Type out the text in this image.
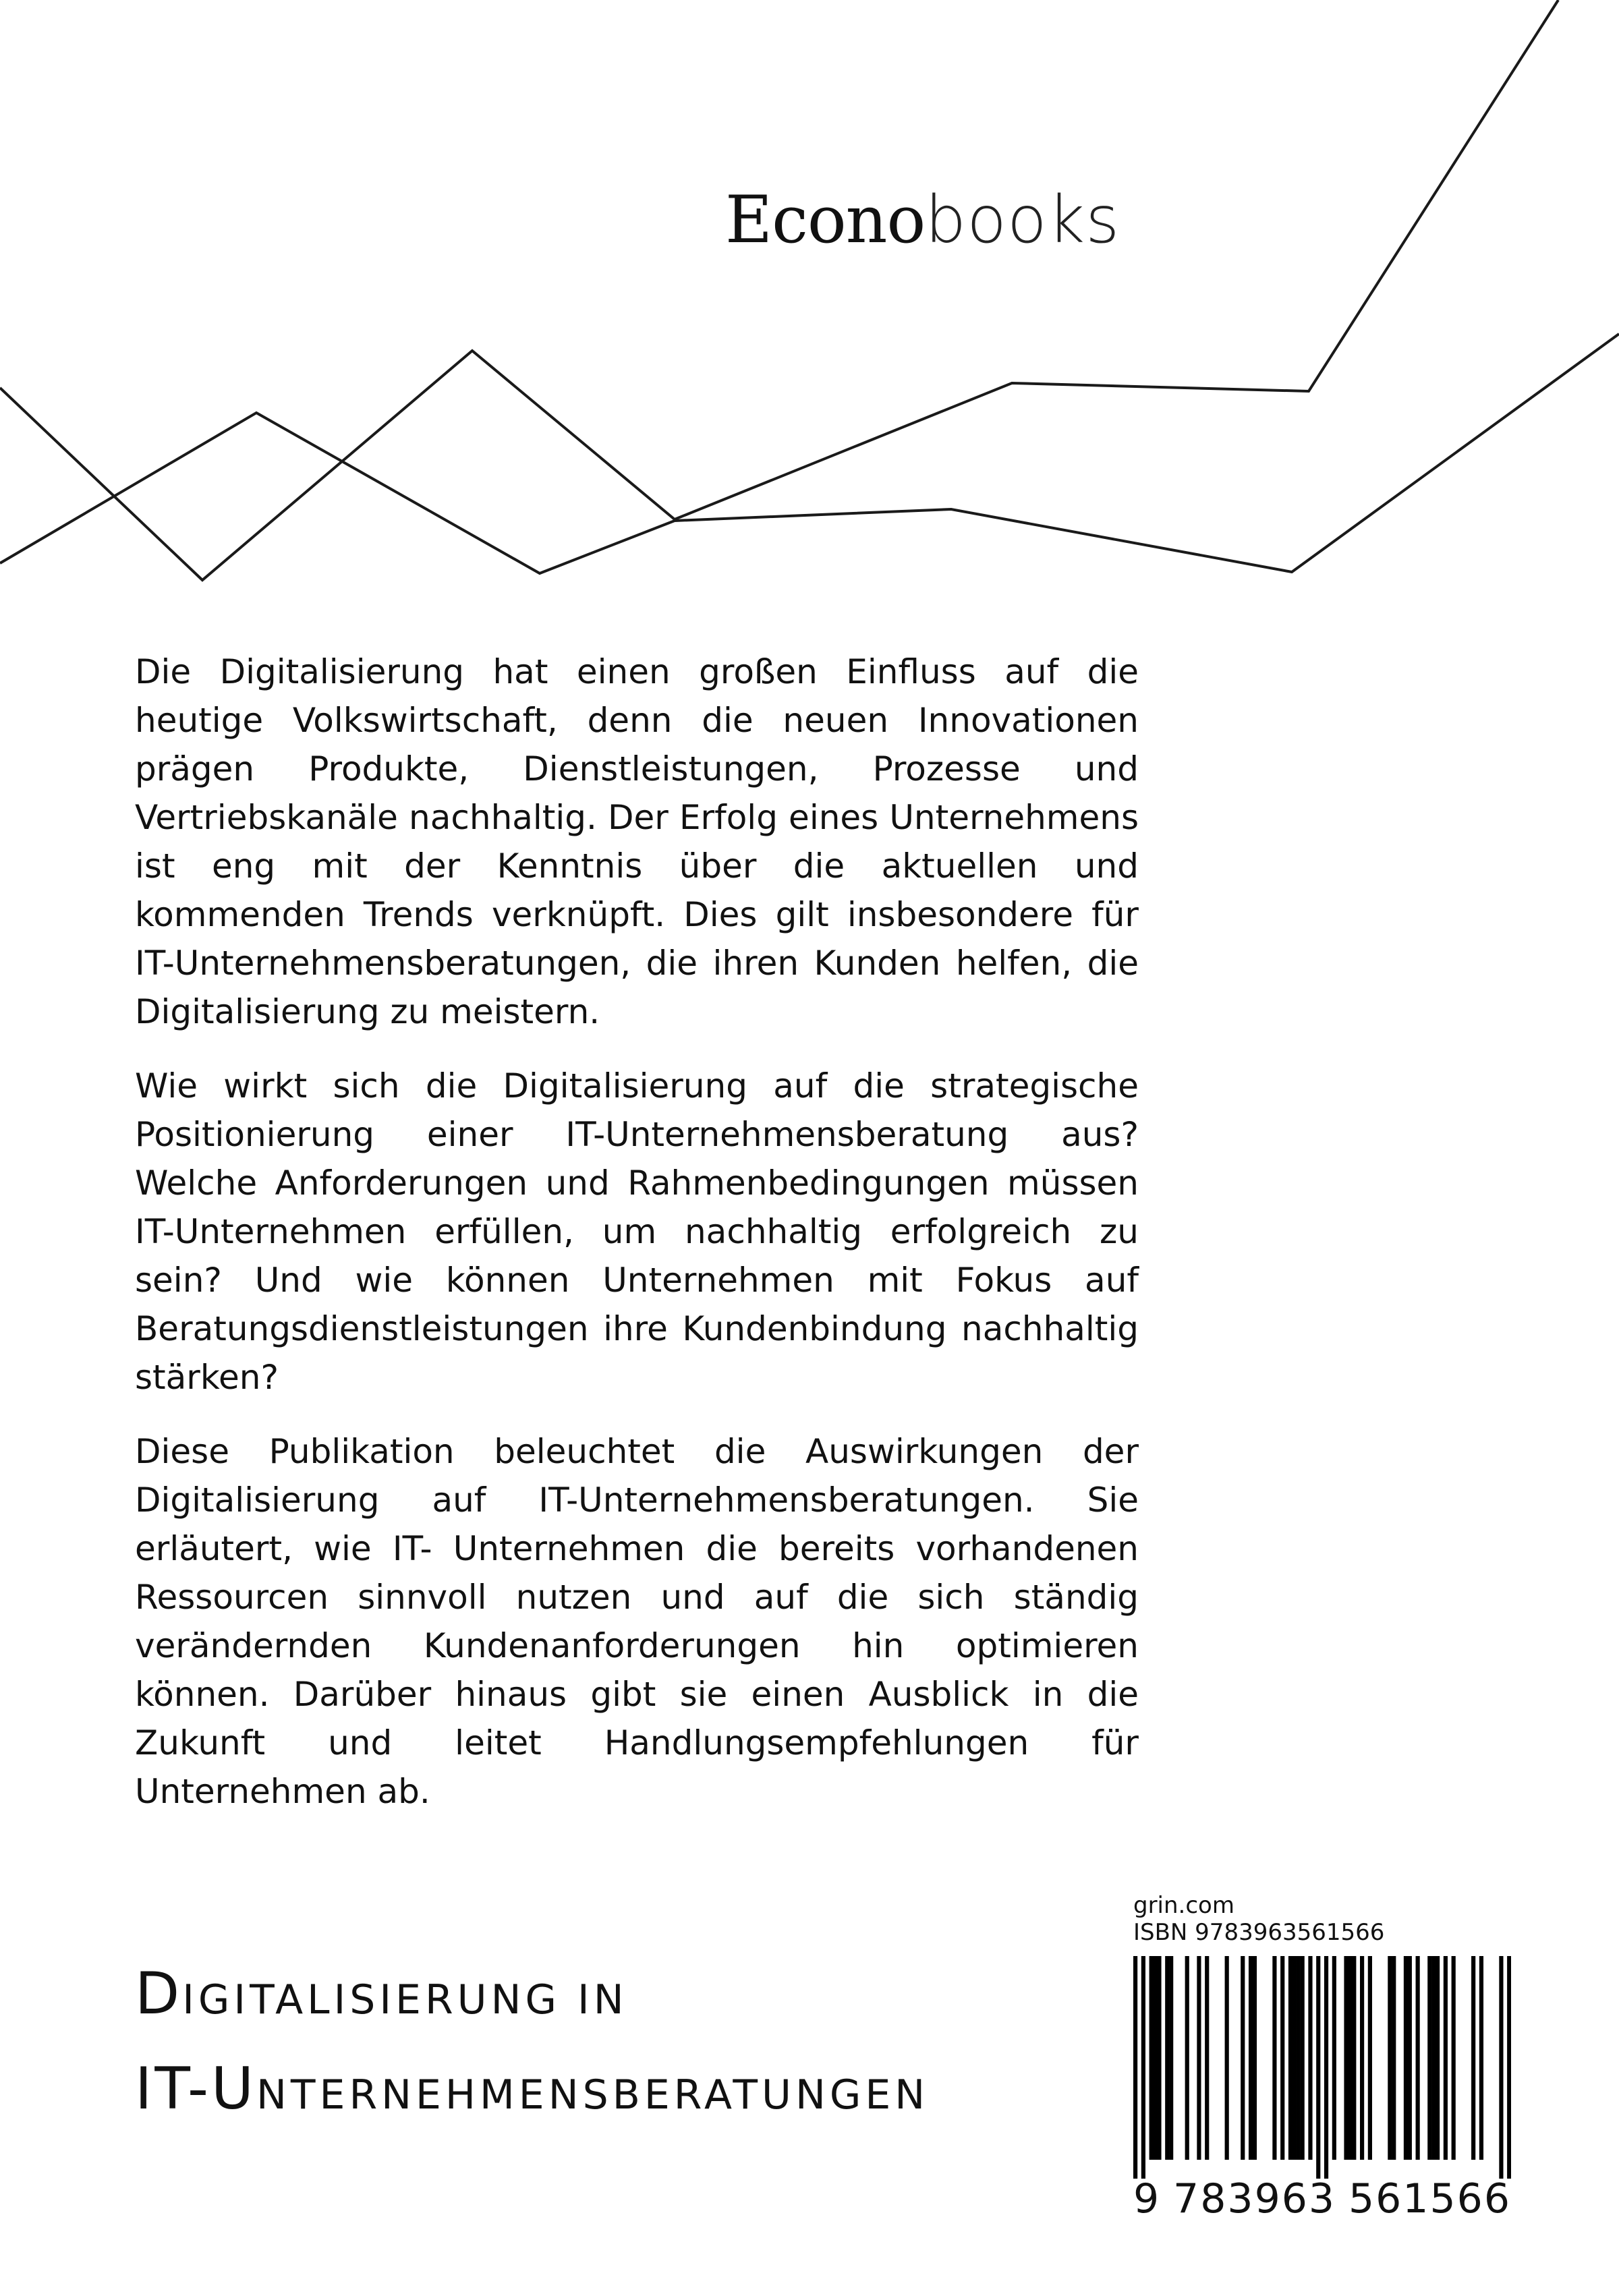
Econobooks

Die Digitalisierung hat einen großen Einfluss auf die heutige Volkswirtschaft, denn die neuen Innovationen prägen Produkte, Dienstleistungen, Prozesse und Vertriebskanäle nachhaltig. Der Erfolg eines Unternehmens ist eng mit der Kenntnis über die aktuellen und kommenden Trends verknüpft. Dies gilt insbesondere für IT-Unternehmensberatungen, die ihren Kunden helfen, die Digitalisierung zu meistern.

Wie wirkt sich die Digitalisierung auf die strategische Positionierung einer IT-Unternehmensberatung aus? Welche Anforderungen und Rahmenbedingungen müssen IT-Unternehmen erfüllen, um nachhaltig erfolgreich zu sein? Und wie können Unternehmen mit Fokus auf Beratungsdienstleistungen ihre Kundenbindung nachhaltig stärken?

Diese Publikation beleuchtet die Auswirkungen der Digitalisierung auf IT-Unternehmensberatungen. Sie erläutert, wie IT- Unternehmen die bereits vorhandenen Ressourcen sinnvoll nutzen und auf die sich ständig verändernden Kundenanforderungen hin optimieren können. Darüber hinaus gibt sie einen Ausblick in die Zukunft und leitet Handlungsempfehlungen für Unternehmen ab.

DIGITALISIERUNG IN
IT-UNTERNEHMENSBERATUNGEN
grin.com
ISBN 9783963561566
9 783963 561566
